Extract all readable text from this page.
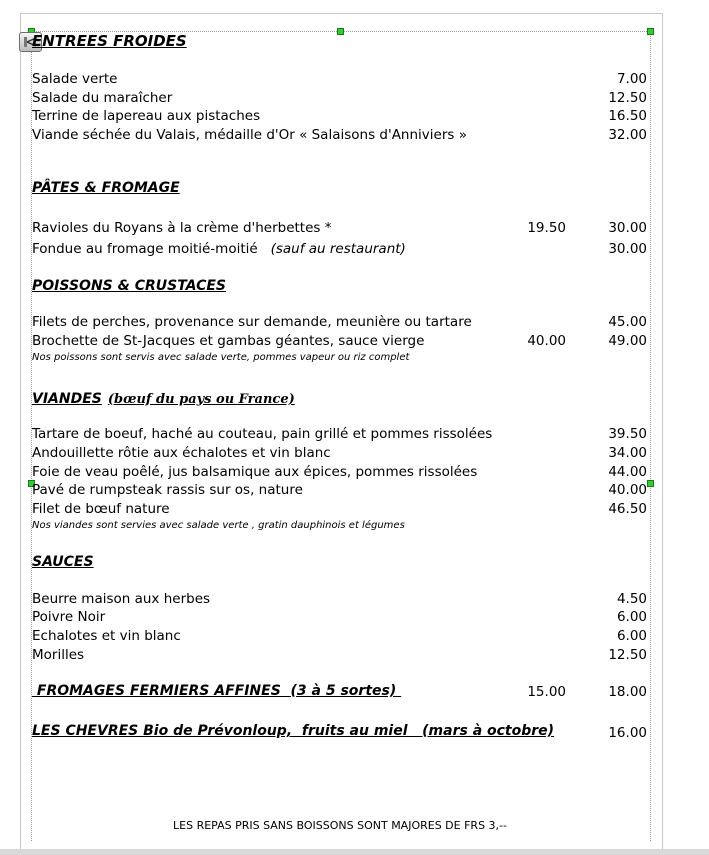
ENTREES FROIDES
Salade verte	7.00
Salade du maraîcher	12.50
Terrine de lapereau aux pistaches	16.50
Viande séchée du Valais, médaille d'Or « Salaisons d'Anniviers »	32.00
PÂTES & FROMAGE
Ravioles du Royans à la crème d'herbettes *	19.50	30.00
Fondue au fromage moitié-moitié (sauf au restaurant)	30.00
POISSONS & CRUSTACES
Filets de perches, provenance sur demande, meunière ou tartare	45.00
Brochette de St-Jacques et gambas géantes, sauce vierge	40.00	49.00
Nos poissons sont servis avec salade verte, pommes vapeur ou riz complet
VIANDES (bœuf du pays ou France)
Tartare de boeuf, haché au couteau, pain grillé et pommes rissolées	39.50
Andouillette rôtie aux échalotes et vin blanc	34.00
Foie de veau poêlé, jus balsamique aux épices, pommes rissolées	44.00
Pavé de rumpsteak rassis sur os, nature	40.00
Filet de bœuf nature	46.50
Nos viandes sont servies avec salade verte , gratin dauphinois et légumes
SAUCES
Beurre maison aux herbes	4.50
Poivre Noir	6.00
Echalotes et vin blanc	6.00
Morilles	12.50
FROMAGES FERMIERS AFFINES  (3 à 5 sortes)	15.00	18.00
LES CHEVRES Bio de Prévonloup,  fruits au miel   (mars à octobre)	16.00
LES REPAS PRIS SANS BOISSONS SONT MAJORES DE FRS 3,--
